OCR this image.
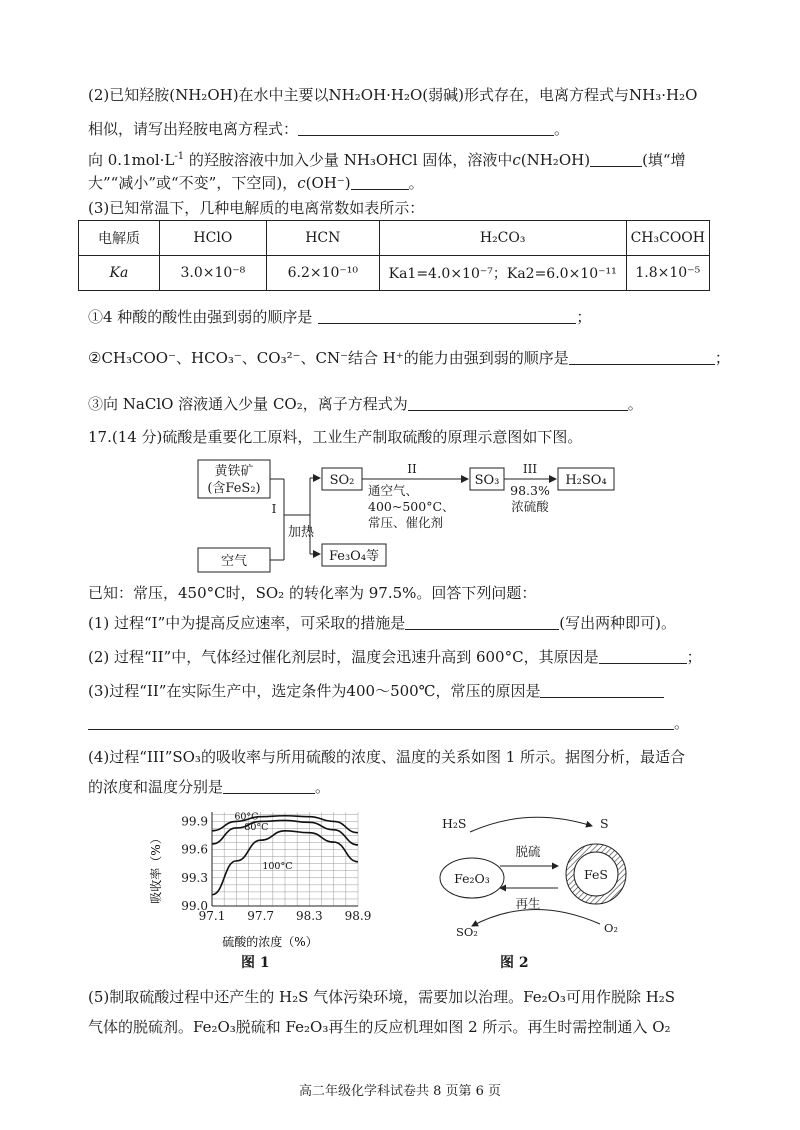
(2)已知羟胺(NH₂OH)在水中主要以NH₂OH·H₂O(弱碱)形式存在，电离方程式与NH₃·H₂O
相似，请写出羟胺电离方程式：	。
向 $0.1mol\cdot L^{-1}$ 的羟胺溶液中加入少量 NH₃OHCl 固体，溶液中c(NH₂OH)	(填“增
大”“减小”或“不变”，下空同)，c(OH⁻)	。
(3)已知常温下，几种电解质的电离常数如表所示：
电解质	HClO	HCN	H₂CO₃	CH₃COOH
Ka	3.0×10⁻⁸	6.2×10⁻¹⁰	Ka1=4.0×10⁻⁷；Ka2=6.0×10⁻¹¹	1.8×10⁻⁵
①4 种酸的酸性由强到弱的顺序是	；
②CH₃COO⁻、HCO₃⁻、CO₃²⁻、CN⁻结合 H⁺的能力由强到弱的顺序是	；
③向 NaClO 溶液通入少量 CO₂，离子方程式为	。
17.(14 分)硫酸是重要化工原料，工业生产制取硫酸的原理示意图如下图。
黄铁矿
(含FeS₂)
空气
I
加热
SO₂
Fe₃O₄等
II
通空气、
400~500°C、
常压、催化剂
SO₃
III
98.3%
浓硫酸
H₂SO₄
已知：常压，450°C时，SO₂ 的转化率为 97.5%。回答下列问题：
(1) 过程“I”中为提高反应速率，可采取的措施是	(写出两种即可)。
(2) 过程“II”中，气体经过催化剂层时，温度会迅速升高到 600°C，其原因是	；
(3)过程“II”在实际生产中，选定条件为400～500℃，常压的原因是
。
(4)过程“III”SO₃的吸收率与所用硫酸的浓度、温度的关系如图 1 所示。据图分析，最适合
的浓度和温度分别是	。
60°C
80°C
100°C
97.1 97.7 98.3 98.9
99.0
99.3
99.6
99.9
硫酸的浓度（%）
吸收率（%）
图 1
H₂S	S
脱硫
Fe₂O₃	FeS
再生
SO₂	O₂
图 2
(5)制取硫酸过程中还产生的 H₂S 气体污染环境，需要加以治理。Fe₂O₃可用作脱除 H₂S
气体的脱硫剂。Fe₂O₃脱硫和 Fe₂O₃再生的反应机理如图 2 所示。再生时需控制通入 O₂
高二年级化学科试卷共 8 页第 6 页
